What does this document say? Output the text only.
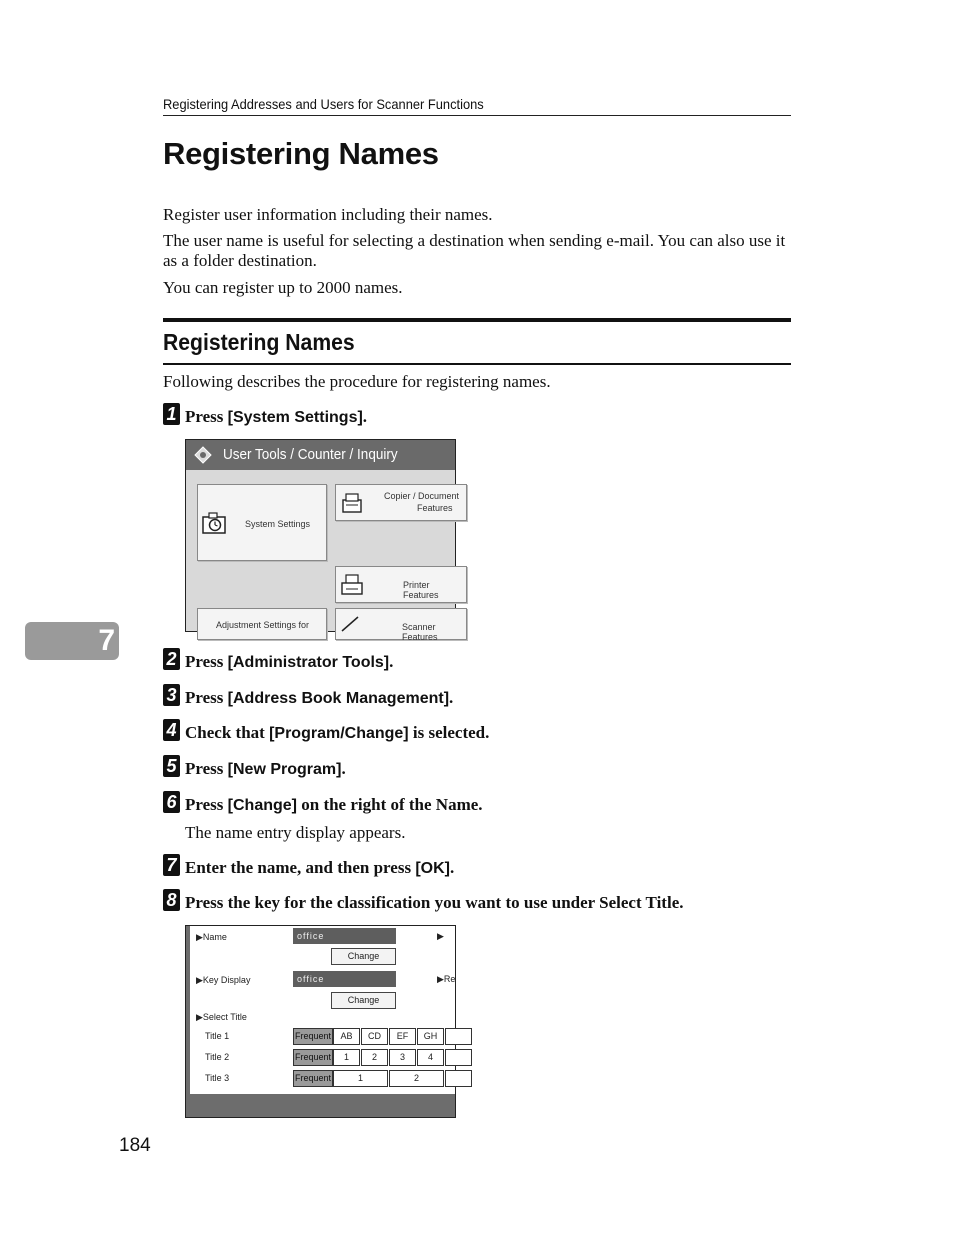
Registering Addresses and Users for Scanner Functions
Registering Names
Register user information including their names.
The user name is useful for selecting a destination when sending e-mail. You can also use it as a folder destination.
You can register up to 2000 names.
Registering Names
Following describes the procedure for registering names.
1 Press [System Settings].
User Tools / Counter / Inquiry
System Settings
Copier / Document
Features
Printer Features
Adjustment Settings for	Scanner Features
7
2 Press [Administrator Tools].
3 Press [Address Book Management].
4 Check that [Program/Change] is selected.
5 Press [New Program].
6 Press [Change] on the right of the Name.
The name entry display appears.
7 Enter the name, and then press [OK].
8 Press the key for the classification you want to use under Select Title.
▶Name	office	▶
Change
▶Key Display	office	▶Re
Change
▶Select Title
Title 1	Frequent	AB	CD	EF	GH
Title 2	Frequent	1	2	3	4
Title 3	Frequent	1	2
184
